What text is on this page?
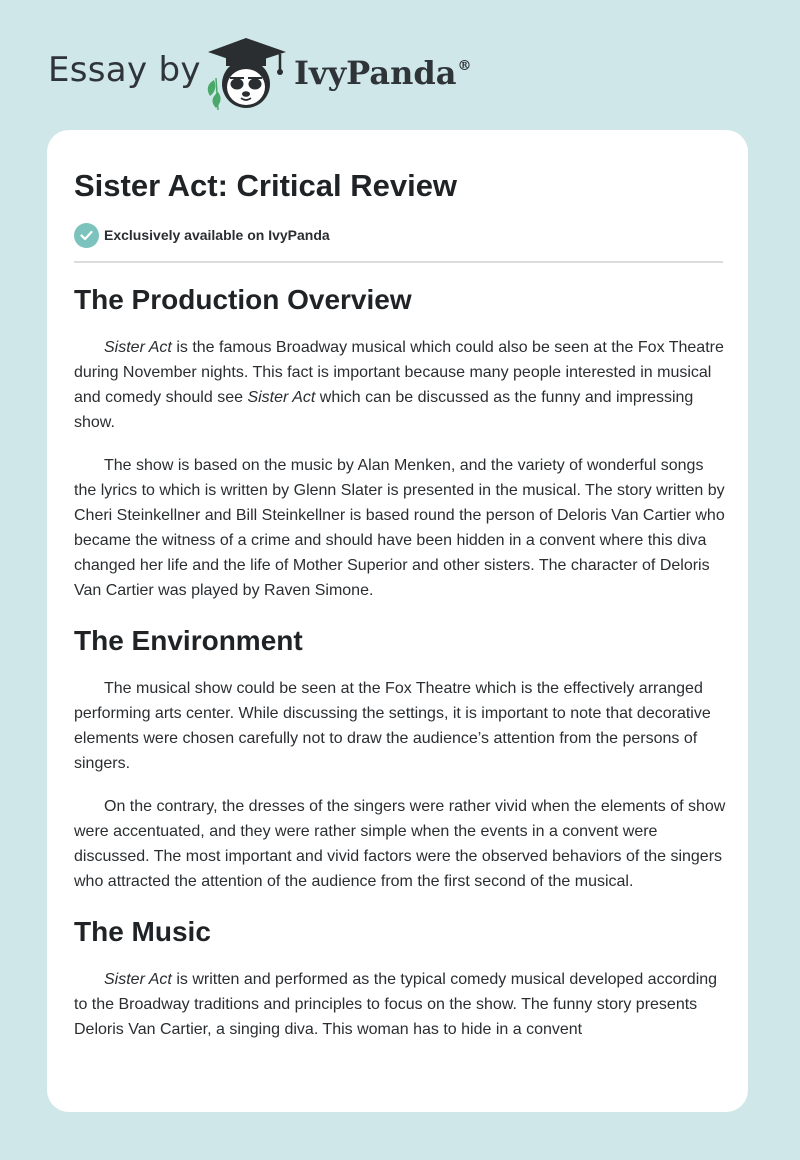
Essay by	IvyPanda®
Sister Act: Critical Review
Exclusively available on IvyPanda
The Production Overview

Sister Act is the famous Broadway musical which could also be seen at the Fox Theatre during November nights. This fact is important because many people interested in musical and comedy should see Sister Act which can be discussed as the funny and impressing show.

The show is based on the music by Alan Menken, and the variety of wonderful songs the lyrics to which is written by Glenn Slater is presented in the musical. The story written by Cheri Steinkellner and Bill Steinkellner is based round the person of Deloris Van Cartier who became the witness of a crime and should have been hidden in a convent where this diva changed her life and the life of Mother Superior and other sisters. The character of Deloris Van Cartier was played by Raven Simone.

The Environment

The musical show could be seen at the Fox Theatre which is the effectively arranged performing arts center. While discussing the settings, it is important to note that decorative elements were chosen carefully not to draw the audience’s attention from the persons of singers.

On the contrary, the dresses of the singers were rather vivid when the elements of show were accentuated, and they were rather simple when the events in a convent were discussed. The most important and vivid factors were the observed behaviors of the singers who attracted the attention of the audience from the first second of the musical.

The Music

Sister Act is written and performed as the typical comedy musical developed according to the Broadway traditions and principles to focus on the show. The funny story presents Deloris Van Cartier, a singing diva. This woman has to hide in a convent
